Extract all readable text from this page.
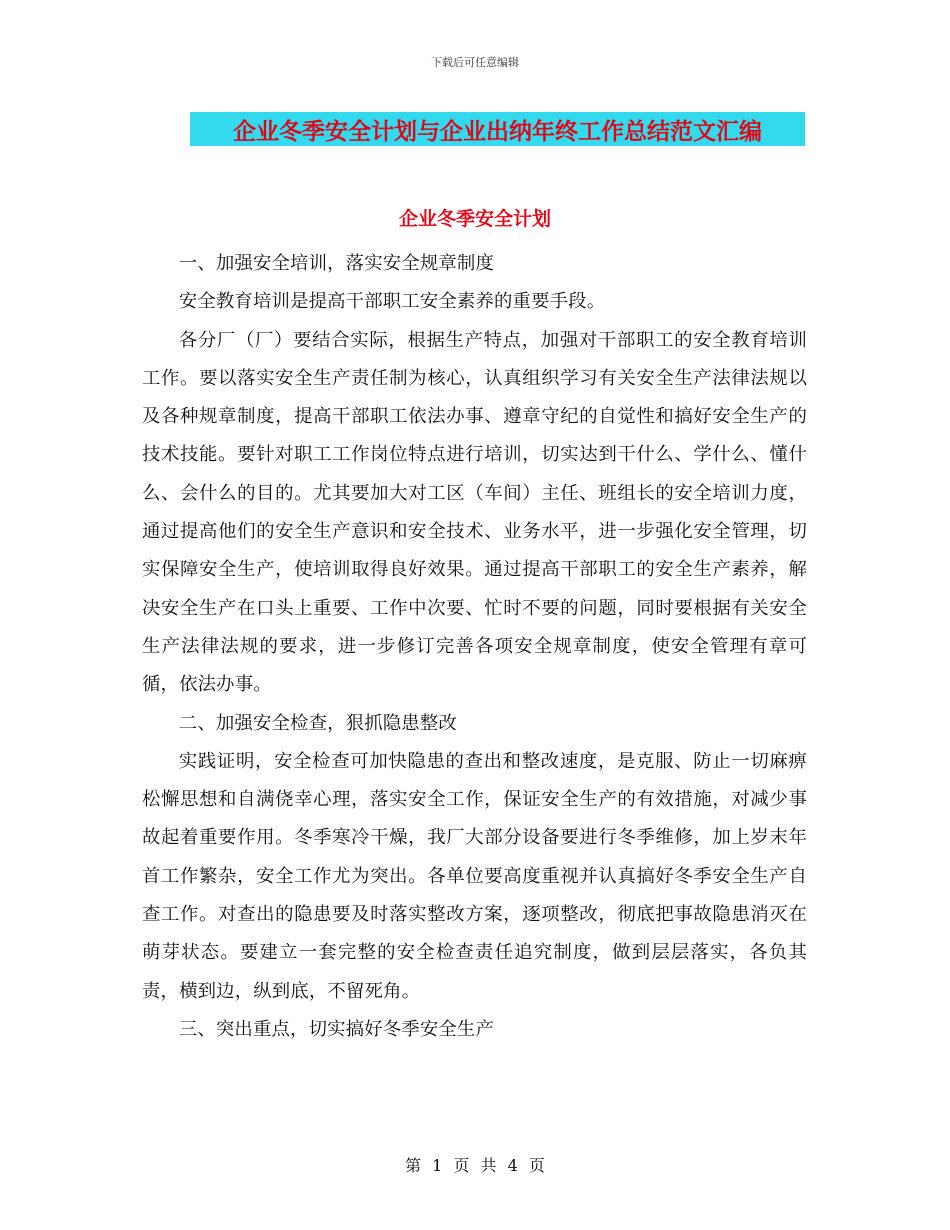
下载后可任意编辑
企业冬季安全计划与企业出纳年终工作总结范文汇编
企业冬季安全计划

一、加强安全培训，落实安全规章制度

安全教育培训是提高干部职工安全素养的重要手段。

各分厂（厂）要结合实际，根据生产特点，加强对干部职工的安全教育培训工作。要以落实安全生产责任制为核心，认真组织学习有关安全生产法律法规以及各种规章制度，提高干部职工依法办事、遵章守纪的自觉性和搞好安全生产的技术技能。要针对职工工作岗位特点进行培训，切实达到干什么、学什么、懂什么、会什么的目的。尤其要加大对工区（车间）主任、班组长的安全培训力度，通过提高他们的安全生产意识和安全技术、业务水平，进一步强化安全管理，切实保障安全生产，使培训取得良好效果。通过提高干部职工的安全生产素养，解决安全生产在口头上重要、工作中次要、忙时不要的问题，同时要根据有关安全生产法律法规的要求，进一步修订完善各项安全规章制度，使安全管理有章可循，依法办事。

二、加强安全检查，狠抓隐患整改

实践证明，安全检查可加快隐患的查出和整改速度，是克服、防止一切麻痹松懈思想和自满侥幸心理，落实安全工作，保证安全生产的有效措施，对减少事故起着重要作用。冬季寒冷干燥，我厂大部分设备要进行冬季维修，加上岁末年首工作繁杂，安全工作尤为突出。各单位要高度重视并认真搞好冬季安全生产自查工作。对查出的隐患要及时落实整改方案，逐项整改，彻底把事故隐患消灭在萌芽状态。要建立一套完整的安全检查责任追究制度，做到层层落实，各负其责，横到边，纵到底，不留死角。

三、突出重点，切实搞好冬季安全生产

第 1 页 共 4 页
